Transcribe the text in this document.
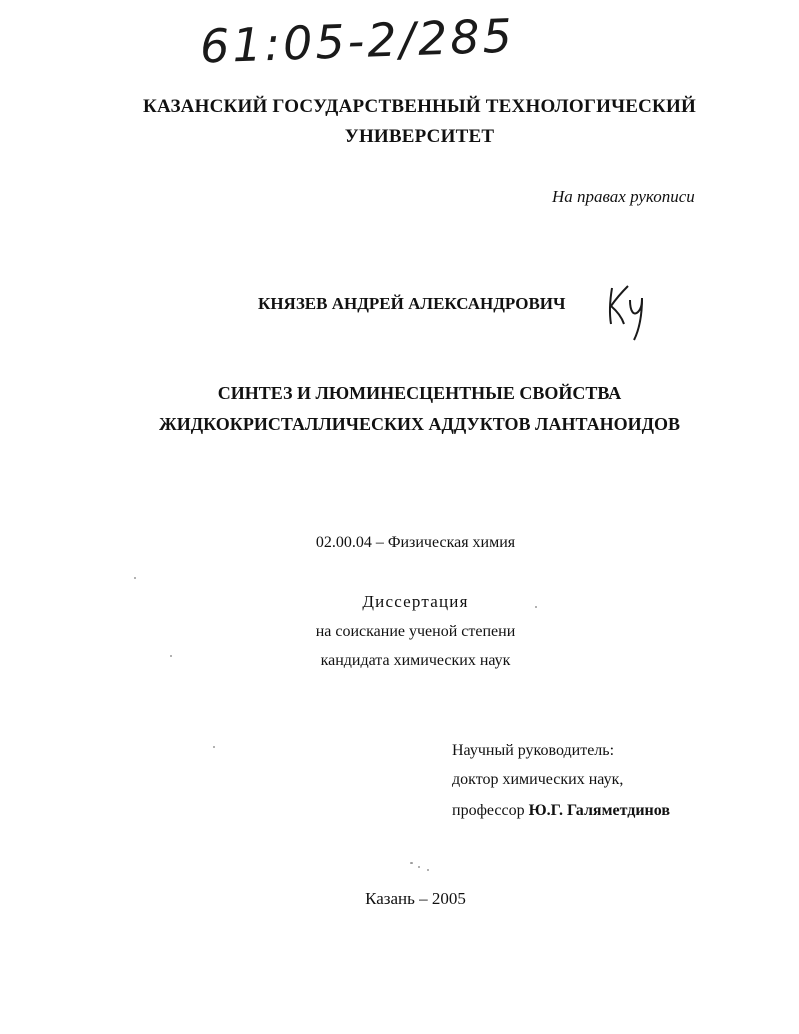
61:05-2/285
КАЗАНСКИЙ ГОСУДАРСТВЕННЫЙ ТЕХНОЛОГИЧЕСКИЙ
УНИВЕРСИТЕТ
На правах рукописи
КНЯЗЕВ АНДРЕЙ АЛЕКСАНДРОВИЧ
СИНТЕЗ И ЛЮМИНЕСЦЕНТНЫЕ СВОЙСТВА
ЖИДКОКРИСТАЛЛИЧЕСКИХ АДДУКТОВ ЛАНТАНОИДОВ
02.00.04 – Физическая химия
Диссертация
на соискание ученой степени
кандидата химических наук
Научный руководитель:
доктор химических наук,
профессор Ю.Г. Галяметдинов
Казань – 2005
